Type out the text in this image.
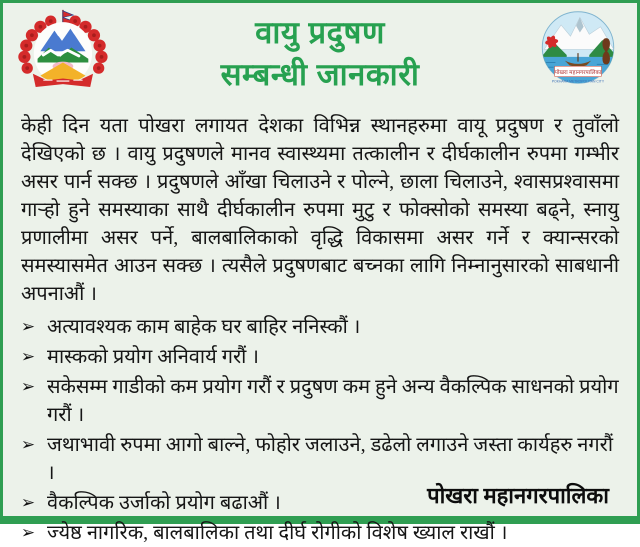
वायु प्रदुषण
सम्बन्धी जानकारी	पोखरा महानगरपालिका
POKHARA METROPOLITAN CITY
केही दिन यता पोखरा लगायत देशका विभिन्न स्थानहरुमा वायू प्रदुषण र तुवाँलो देखिएको छ । वायु प्रदुषणले मानव स्वास्थ्यमा तत्कालीन र दीर्घकालीन रुपमा गम्भीर असर पार्न सक्छ । प्रदुषणले आँखा चिलाउने र पोल्ने, छाला चिलाउने, श्वासप्रश्वासमा गाऱ्हो हुने समस्याका साथै दीर्घकालीन रुपमा मुटु र फोक्सोको समस्या बढ्ने, स्नायु प्रणालीमा असर पर्ने, बालबालिकाको वृद्धि विकासमा असर गर्ने र क्यान्सरको समस्यासमेत आउन सक्छ । त्यसैले प्रदुषणबाट बच्नका लागि निम्नानुसारको साबधानी अपनाऔं ।
➢ अत्यावश्यक काम बाहेक घर बाहिर ननिस्कौं ।
➢ मास्कको प्रयोग अनिवार्य गरौं ।
➢ सकेसम्म गाडीको कम प्रयोग गरौं र प्रदुषण कम हुने अन्य वैकल्पिक साधनको प्रयोग गरौं ।
➢ जथाभावी रुपमा आगो बाल्ने, फोहोर जलाउने, डढेलो लगाउने जस्ता कार्यहरु नगरौं ।
➢ वैकल्पिक उर्जाको प्रयोग बढाऔं ।
➢ ज्येष्ठ नागरिक, बालबालिका तथा दीर्घ रोगीको विशेष ख्याल राखौं ।
पोखरा महानगरपालिका
